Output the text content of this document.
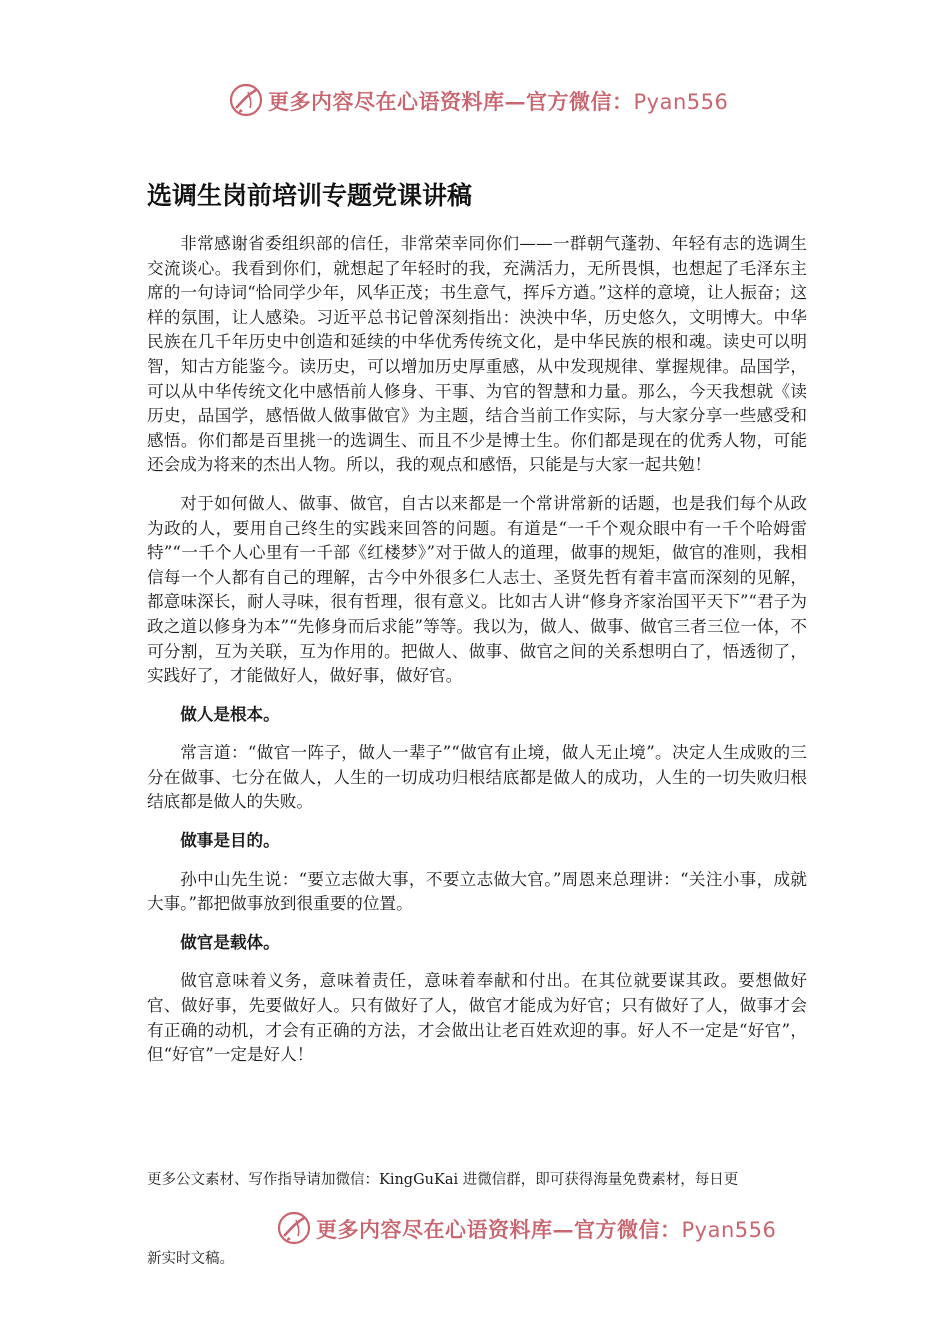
更多内容尽在心语资料库—官方微信：Pyan556
选调生岗前培训专题党课讲稿

非常感谢省委组织部的信任，非常荣幸同你们——一群朝气蓬勃、年轻有志的选调生交流谈心。我看到你们，就想起了年轻时的我，充满活力，无所畏惧，也想起了毛泽东主席的一句诗词“恰同学少年，风华正茂；书生意气，挥斥方遒。”这样的意境，让人振奋；这样的氛围，让人感染。习近平总书记曾深刻指出：泱泱中华，历史悠久，文明博大。中华民族在几千年历史中创造和延续的中华优秀传统文化，是中华民族的根和魂。读史可以明智，知古方能鉴今。读历史，可以增加历史厚重感，从中发现规律、掌握规律。品国学，可以从中华传统文化中感悟前人修身、干事、为官的智慧和力量。那么，今天我想就《读历史，品国学，感悟做人做事做官》为主题，结合当前工作实际，与大家分享一些感受和感悟。你们都是百里挑一的选调生、而且不少是博士生。你们都是现在的优秀人物，可能还会成为将来的杰出人物。所以，我的观点和感悟，只能是与大家一起共勉！

对于如何做人、做事、做官，自古以来都是一个常讲常新的话题，也是我们每个从政为政的人，要用自己终生的实践来回答的问题。有道是“一千个观众眼中有一千个哈姆雷特”“一千个人心里有一千部《红楼梦》”对于做人的道理，做事的规矩，做官的准则，我相信每一个人都有自己的理解，古今中外很多仁人志士、圣贤先哲有着丰富而深刻的见解，都意味深长，耐人寻味，很有哲理，很有意义。比如古人讲“修身齐家治国平天下”“君子为政之道以修身为本”“先修身而后求能”等等。我以为，做人、做事、做官三者三位一体，不可分割，互为关联，互为作用的。把做人、做事、做官之间的关系想明白了，悟透彻了，实践好了，才能做好人，做好事，做好官。

做人是根本。

常言道：“做官一阵子，做人一辈子”“做官有止境，做人无止境”。决定人生成败的三分在做事、七分在做人，人生的一切成功归根结底都是做人的成功，人生的一切失败归根结底都是做人的失败。

做事是目的。

孙中山先生说：“要立志做大事，不要立志做大官。”周恩来总理讲：“关注小事，成就大事。”都把做事放到很重要的位置。

做官是载体。

做官意味着义务，意味着责任，意味着奉献和付出。在其位就要谋其政。要想做好官、做好事，先要做好人。只有做好了人，做官才能成为好官；只有做好了人，做事才会有正确的动机，才会有正确的方法，才会做出让老百姓欢迎的事。好人不一定是“好官”，但“好官”一定是好人！

更多公文素材、写作指导请加微信：KingGuKai 进微信群，即可获得海量免费素材，每日更
更多内容尽在心语资料库—官方微信：Pyan556
新实时文稿。
